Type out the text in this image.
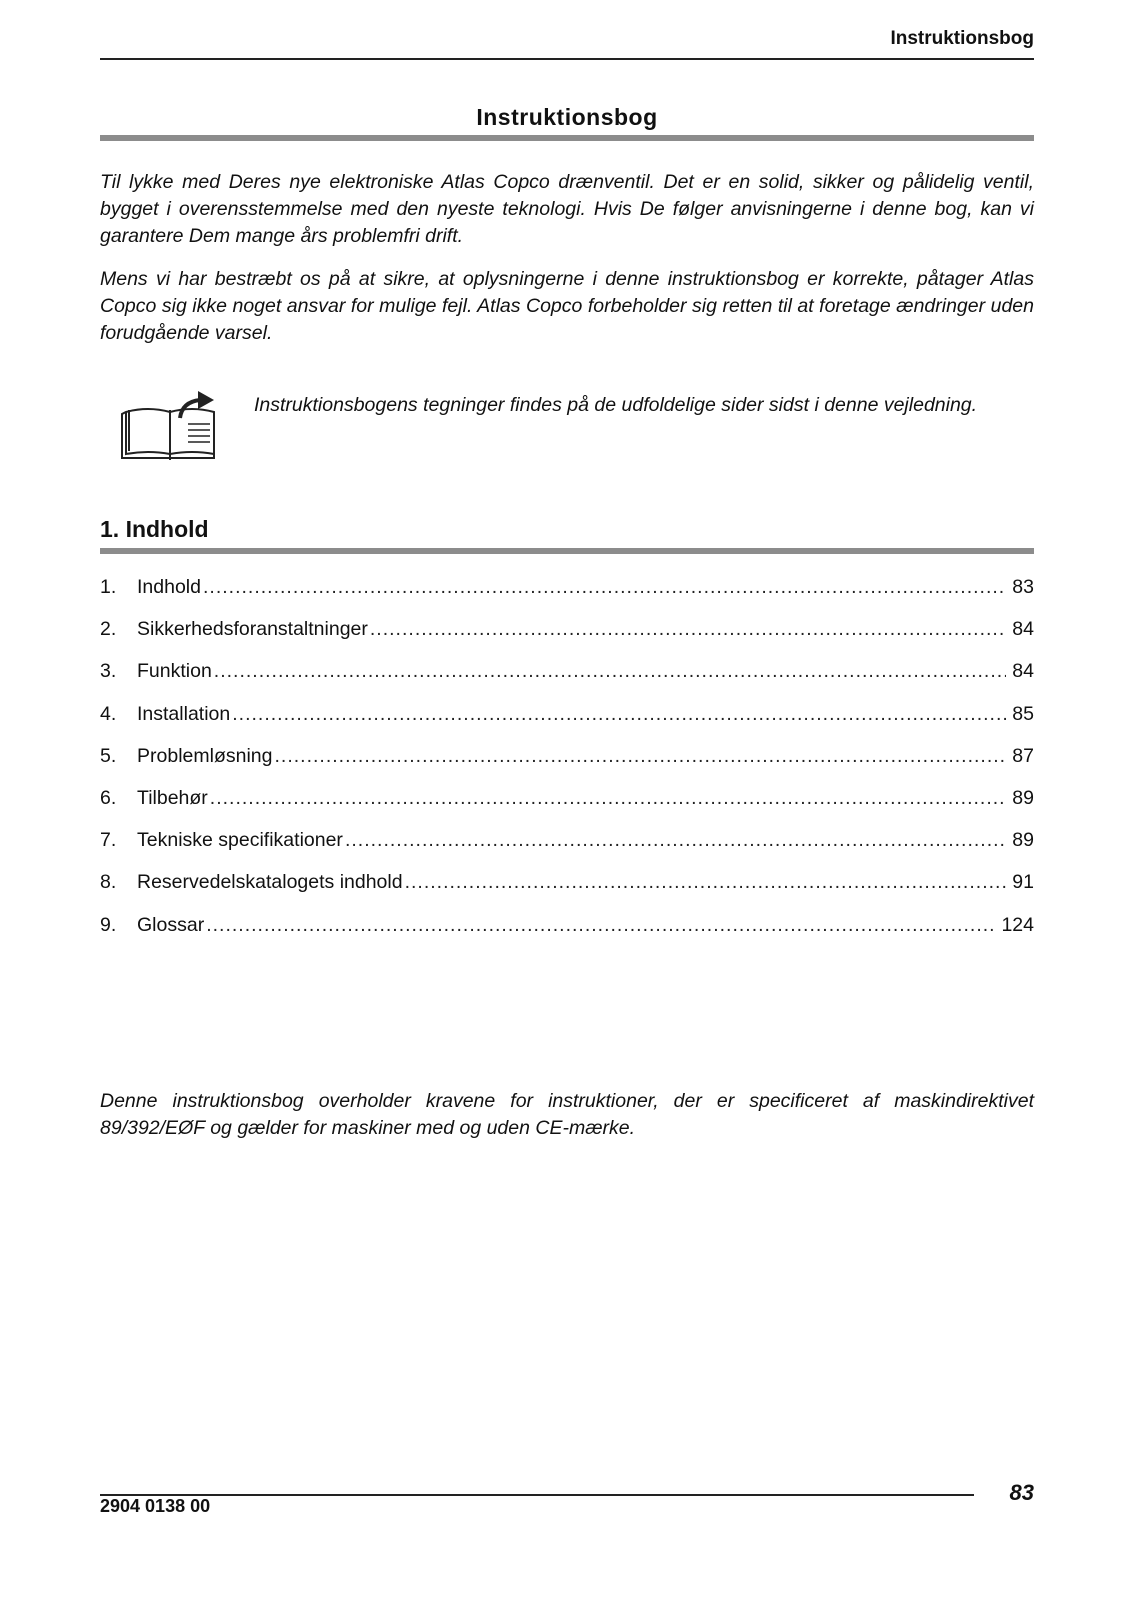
Instruktionsbog
Instruktionsbog

Til lykke med Deres nye elektroniske Atlas Copco drænventil. Det er en solid, sikker og pålidelig ventil, bygget i overensstemmelse med den nyeste teknologi. Hvis De følger anvisningerne i denne bog, kan vi garantere Dem mange års problemfri drift.

Mens vi har bestræbt os på at sikre, at oplysningerne i denne instruktionsbog er korrekte, påtager Atlas Copco sig ikke noget ansvar for mulige fejl. Atlas Copco forbeholder sig retten til at foretage ændringer uden forudgående varsel.

Instruktionsbogens tegninger findes på de udfoldelige sider sidst i denne vejledning.

1. Indhold
1.	Indhold .....	83
2.	Sikkerhedsforanstaltninger .....	84
3.	Funktion .....	84
4.	Installation .....	85
5.	Problemløsning .....	87
6.	Tilbehør .....	89
7.	Tekniske specifikationer .....	89
8.	Reservedelskatalogets indhold .....	91
9.	Glossar .....	124

Denne instruktionsbog overholder kravene for instruktioner, der er specificeret af maskindirektivet 89/392/EØF og gælder for maskiner med og uden CE-mærke.

2904 0138 00
83
